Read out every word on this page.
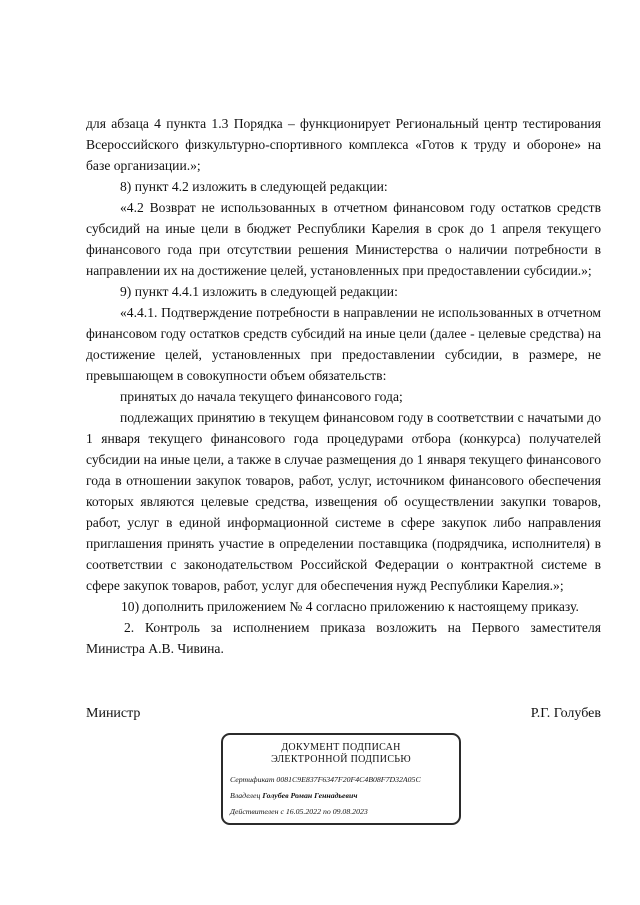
для абзаца 4 пункта 1.3 Порядка – функционирует Региональный центр тестирования Всероссийского физкультурно-спортивного комплекса «Готов к труду и обороне» на базе организации.»;

8) пункт 4.2 изложить в следующей редакции:

«4.2 Возврат не использованных в отчетном финансовом году остатков средств субсидий на иные цели в бюджет Республики Карелия в срок до 1 апреля текущего финансового года при отсутствии решения Министерства о наличии потребности в направлении их на достижение целей, установленных при предоставлении субсидии.»;

9) пункт 4.4.1 изложить в следующей редакции:

«4.4.1. Подтверждение потребности в направлении не использованных в отчетном финансовом году остатков средств субсидий на иные цели (далее - целевые средства) на достижение целей, установленных при предоставлении субсидии, в размере, не превышающем в совокупности объем обязательств:

принятых до начала текущего финансового года;

подлежащих принятию в текущем финансовом году в соответствии с начатыми до 1 января текущего финансового года процедурами отбора (конкурса) получателей субсидии на иные цели, а также в случае размещения до 1 января текущего финансового года в отношении закупок товаров, работ, услуг, источником финансового обеспечения которых являются целевые средства, извещения об осуществлении закупки товаров, работ, услуг в единой информационной системе в сфере закупок либо направления приглашения принять участие в определении поставщика (подрядчика, исполнителя) в соответствии с законодательством Российской Федерации о контрактной системе в сфере закупок товаров, работ, услуг для обеспечения нужд Республики Карелия.»;

10) дополнить приложением № 4 согласно приложению к настоящему приказу.

2. Контроль за исполнением приказа возложить на Первого заместителя Министра А.В. Чивина.

Министр	Р.Г. Голубев
ДОКУМЕНТ ПОДПИСАН
ЭЛЕКТРОННОЙ ПОДПИСЬЮ
Сертификат 0081C9E837F6347F20F4C4B08F7D32A05C
Владелец Голубев Роман Геннадьевич
Действителен с 16.05.2022 по 09.08.2023
